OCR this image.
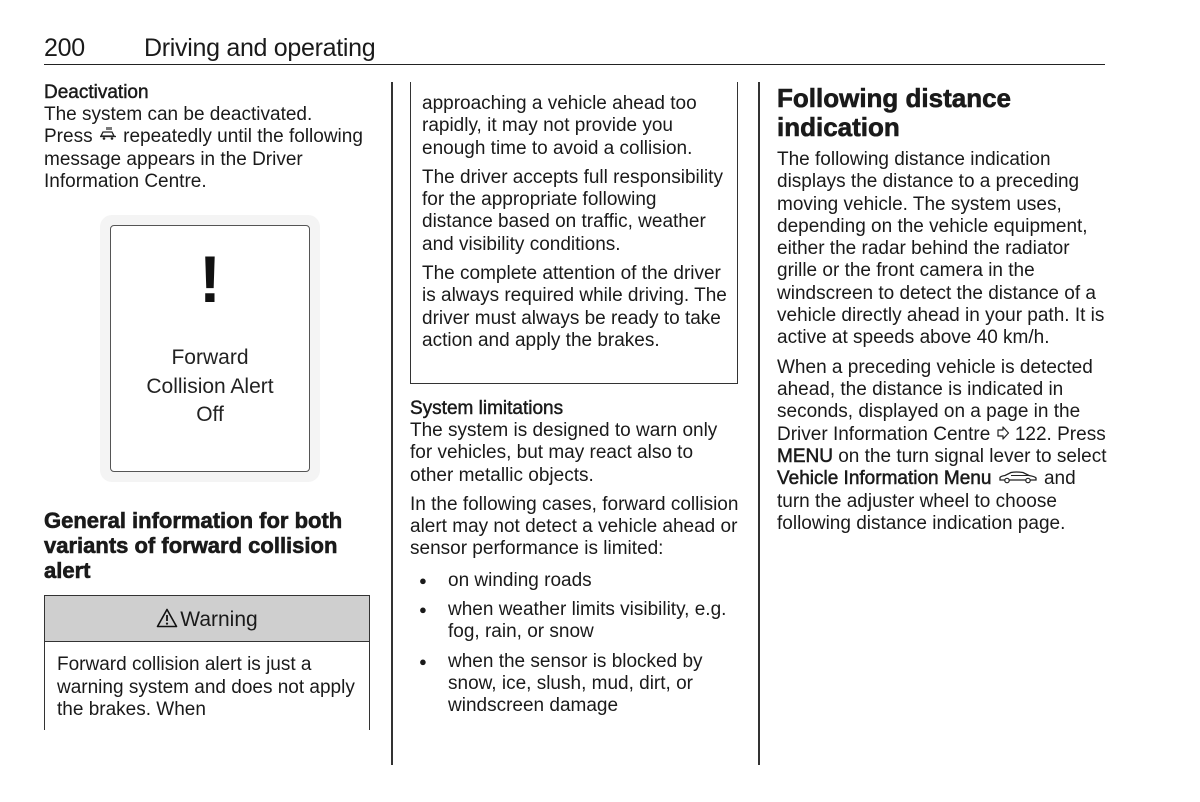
200 Driving and operating
Deactivation

The system can be deactivated.
Press repeatedly until the following message appears in the Driver Information Centre.

!
Forward
Collision Alert
Off
General information for both variants of forward collision alert
Warning

Forward collision alert is just a warning system and does not apply the brakes. When

approaching a vehicle ahead too rapidly, it may not provide you enough time to avoid a collision.

The driver accepts full responsibility for the appropriate following distance based on traffic, weather and visibility conditions.

The complete attention of the driver is always required while driving. The driver must always be ready to take action and apply the brakes.

System limitations

The system is designed to warn only for vehicles, but may react also to other metallic objects.

In the following cases, forward collision alert may not detect a vehicle ahead or sensor performance is limited:

● on winding roads
● when weather limits visibility, e.g. fog, rain, or snow
● when the sensor is blocked by snow, ice, slush, mud, dirt, or windscreen damage
Following distance indication

The following distance indication displays the distance to a preceding moving vehicle. The system uses, depending on the vehicle equipment, either the radar behind the radiator grille or the front camera in the windscreen to detect the distance of a vehicle directly ahead in your path. It is active at speeds above 40 km/h.

When a preceding vehicle is detected ahead, the distance is indicated in seconds, displayed on a page in the Driver Information Centre 122. Press MENU on the turn signal lever to select Vehicle Information Menu	and turn the adjuster wheel to choose following distance indication page.
